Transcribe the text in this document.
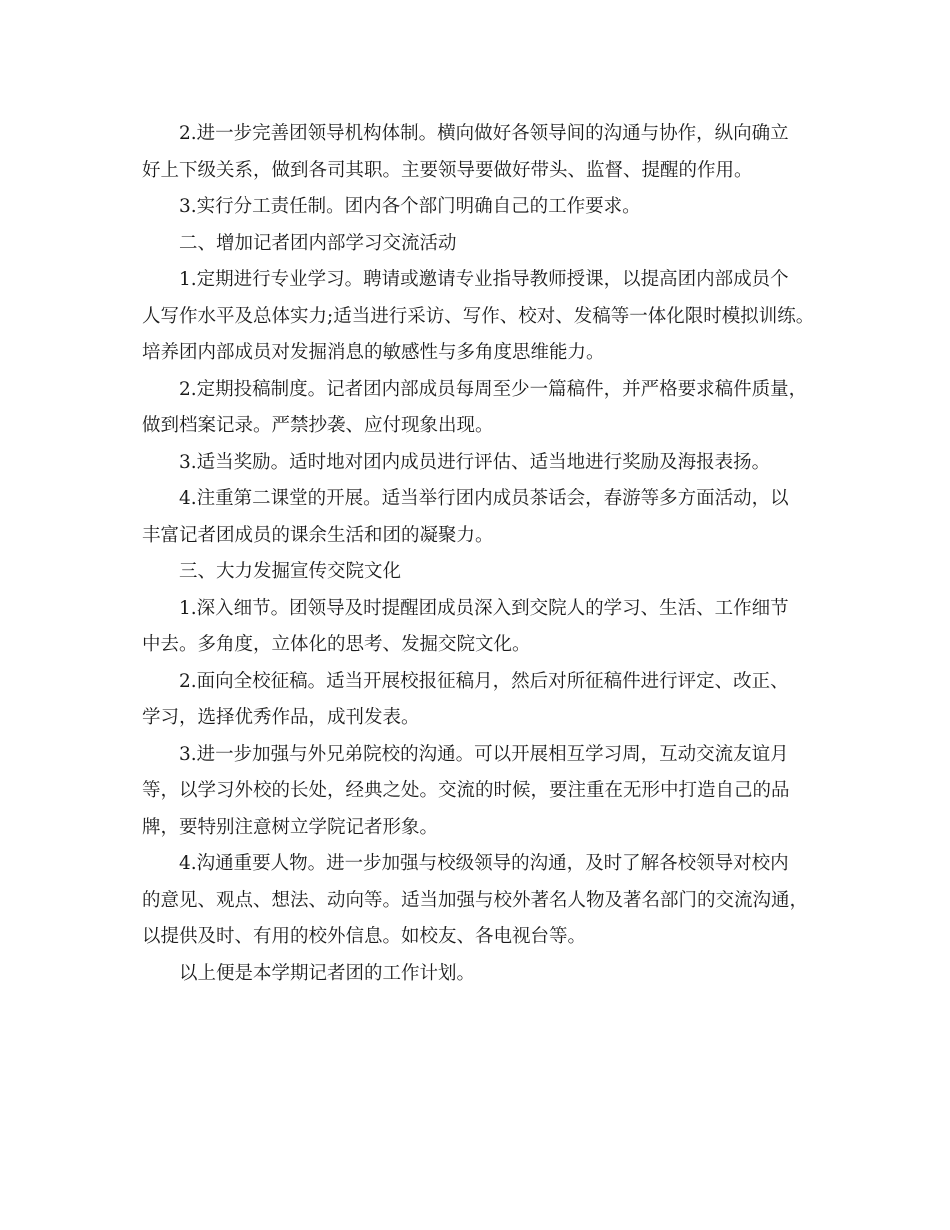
2.进一步完善团领导机构体制。横向做好各领导间的沟通与协作，纵向确立
好上下级关系，做到各司其职。主要领导要做好带头、监督、提醒的作用。
3.实行分工责任制。团内各个部门明确自己的工作要求。
二、增加记者团内部学习交流活动
1.定期进行专业学习。聘请或邀请专业指导教师授课，以提高团内部成员个
人写作水平及总体实力;适当进行采访、写作、校对、发稿等一体化限时模拟训练。
培养团内部成员对发掘消息的敏感性与多角度思维能力。
2.定期投稿制度。记者团内部成员每周至少一篇稿件，并严格要求稿件质量，
做到档案记录。严禁抄袭、应付现象出现。
3.适当奖励。适时地对团内成员进行评估、适当地进行奖励及海报表扬。
4.注重第二课堂的开展。适当举行团内成员茶话会，春游等多方面活动，以
丰富记者团成员的课余生活和团的凝聚力。
三、大力发掘宣传交院文化
1.深入细节。团领导及时提醒团成员深入到交院人的学习、生活、工作细节
中去。多角度，立体化的思考、发掘交院文化。
2.面向全校征稿。适当开展校报征稿月，然后对所征稿件进行评定、改正、
学习，选择优秀作品，成刊发表。
3.进一步加强与外兄弟院校的沟通。可以开展相互学习周，互动交流友谊月
等，以学习外校的长处，经典之处。交流的时候，要注重在无形中打造自己的品
牌，要特别注意树立学院记者形象。
4.沟通重要人物。进一步加强与校级领导的沟通，及时了解各校领导对校内
的意见、观点、想法、动向等。适当加强与校外著名人物及著名部门的交流沟通，
以提供及时、有用的校外信息。如校友、各电视台等。
以上便是本学期记者团的工作计划。
